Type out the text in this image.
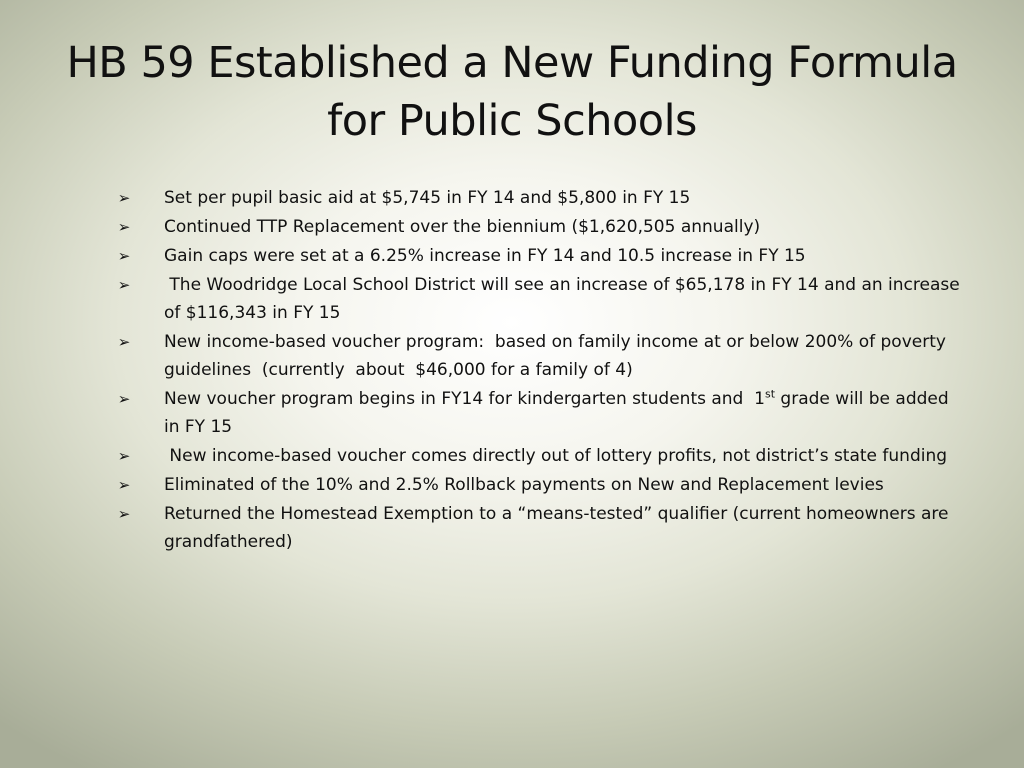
HB 59 Established a New Funding Formula for Public Schools
➢	Set per pupil basic aid at $5,745 in FY 14 and $5,800 in FY 15
➢	Continued TTP Replacement over the biennium ($1,620,505 annually)
➢	Gain caps were set at a 6.25% increase in FY 14 and 10.5 increase in FY 15
➢	The Woodridge Local School District will see an increase of $65,178 in FY 14 and an increase of $116,343 in FY 15
➢	New income-based voucher program:  based on family income at or below 200% of poverty guidelines  (currently  about  $46,000 for a family of 4)
➢	New voucher program begins in FY14 for kindergarten students and  1st grade will be added  in FY 15
➢	New income-based voucher comes directly out of lottery profits, not district’s state funding
➢	Eliminated of the 10% and 2.5% Rollback payments on New and Replacement levies
➢	Returned the Homestead Exemption to a “means-tested” qualifier (current homeowners are  grandfathered)
